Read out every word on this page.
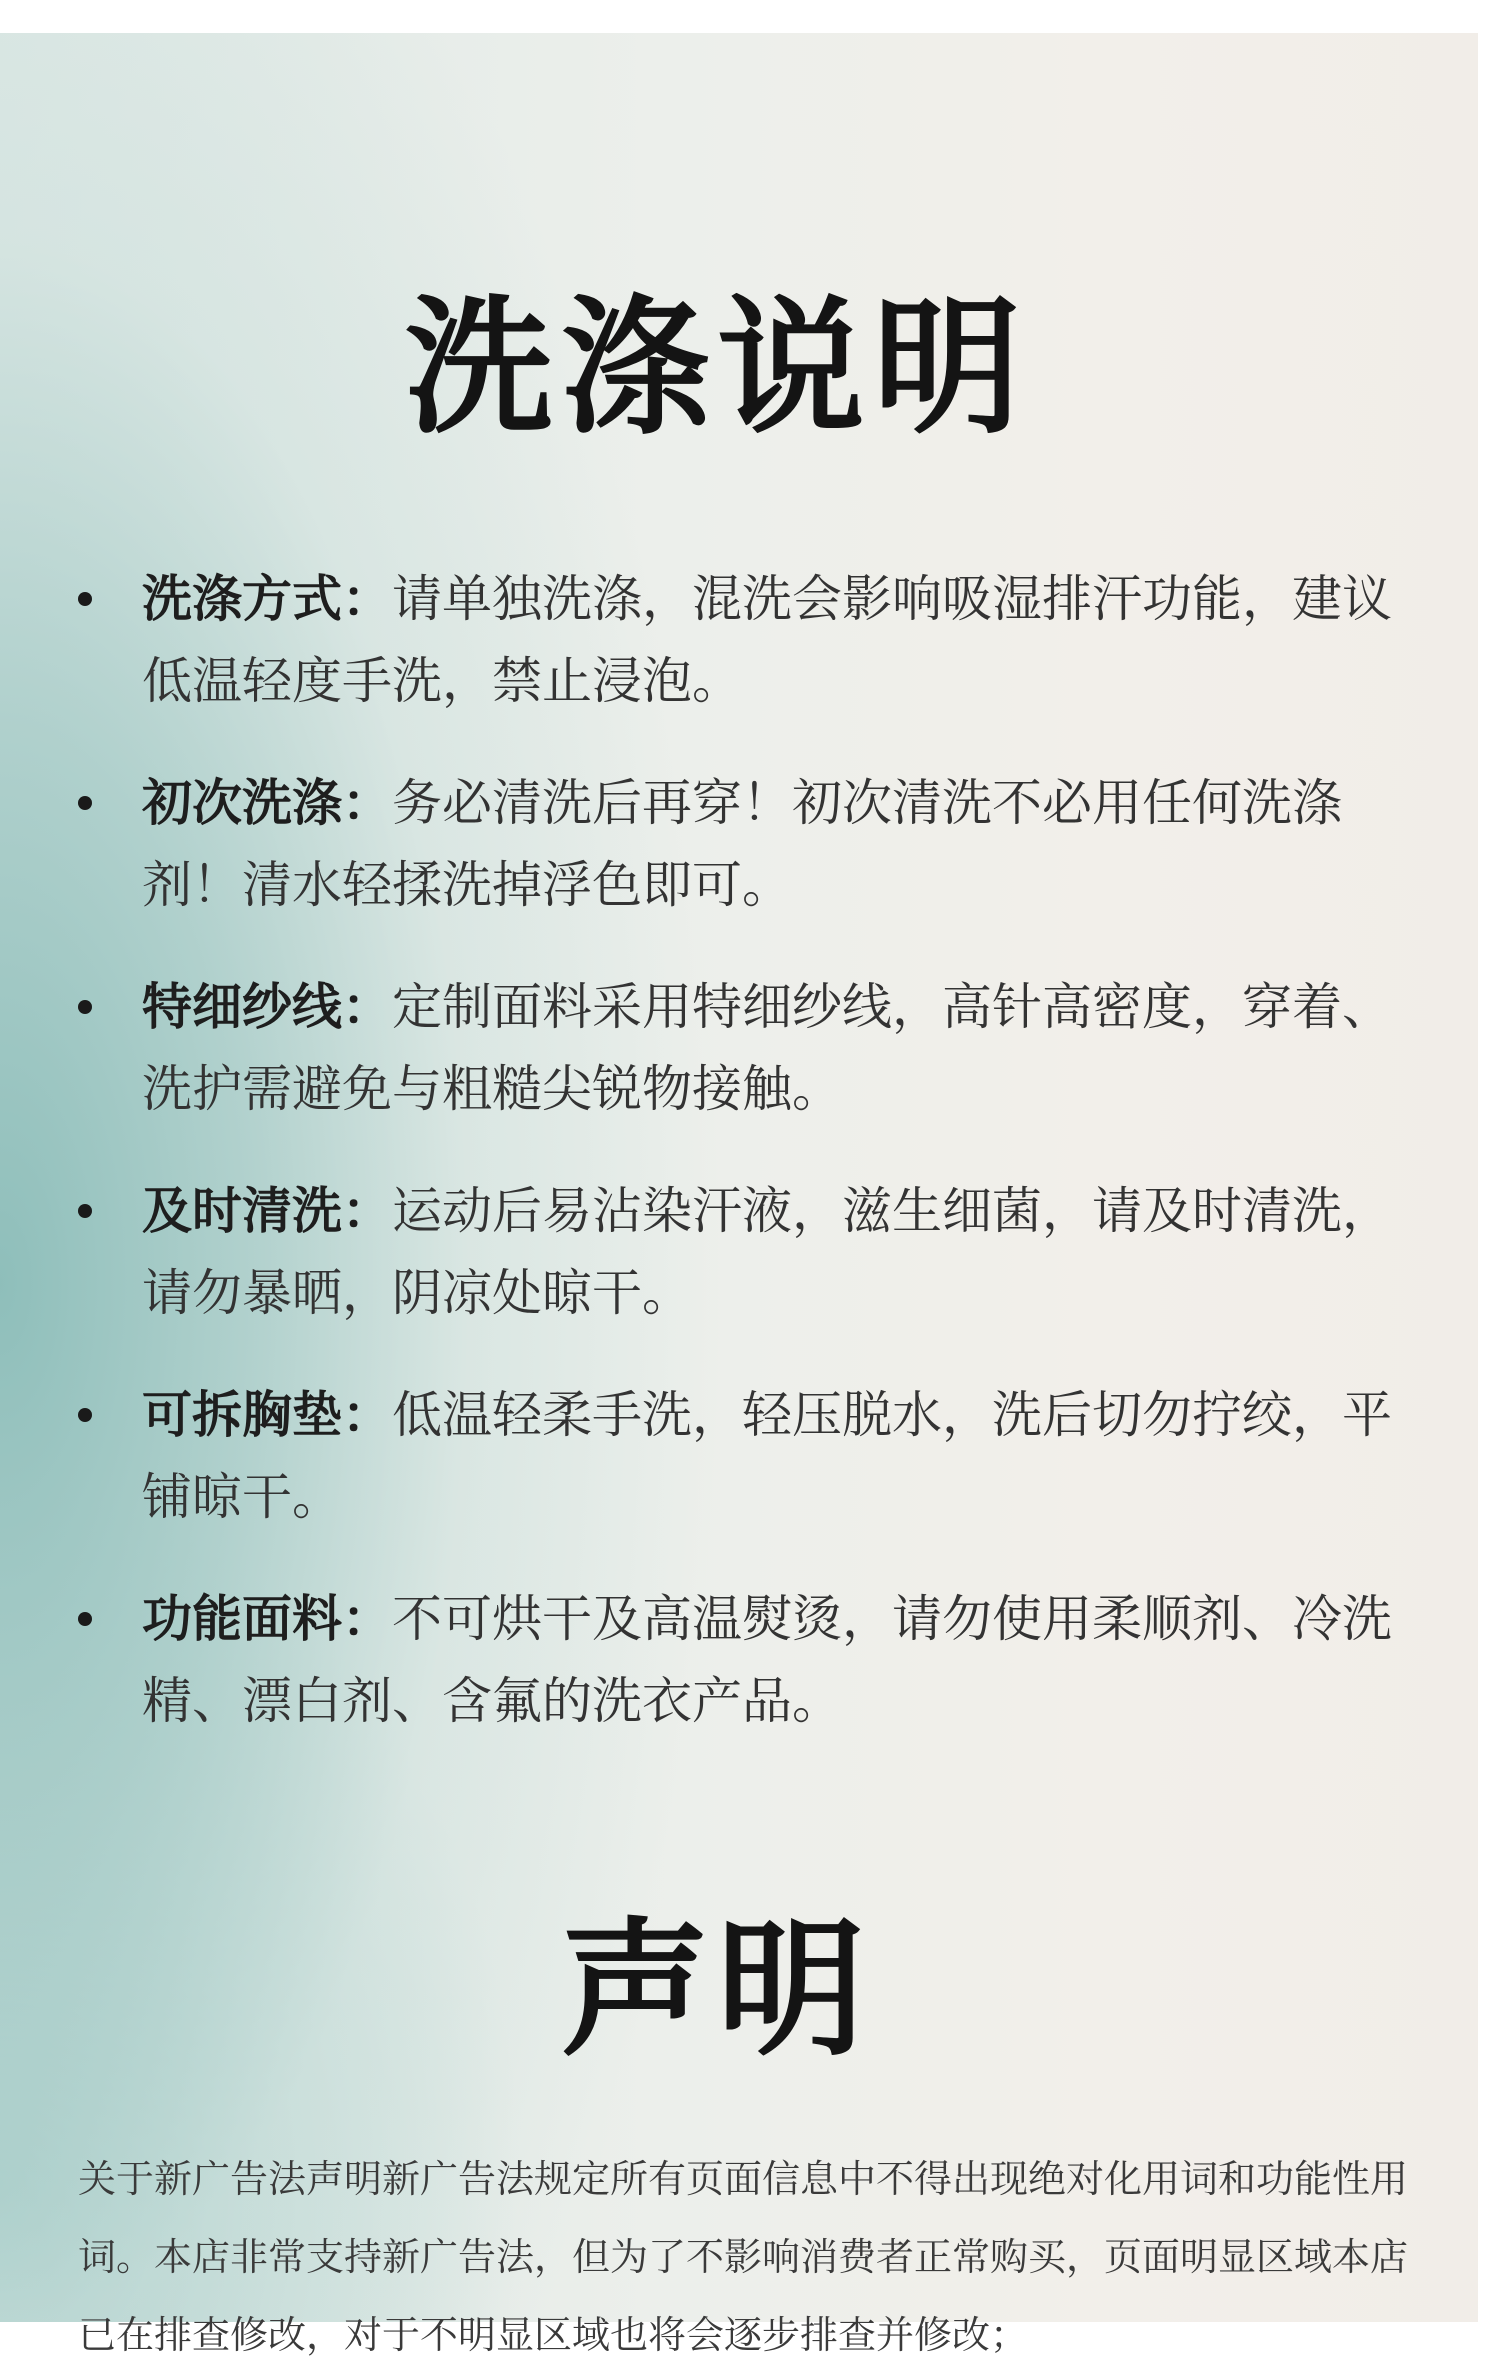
洗涤说明
洗涤方式：请单独洗涤，混洗会影响吸湿排汗功能，建议低温轻度手洗，禁止浸泡。
初次洗涤：务必清洗后再穿！初次清洗不必用任何洗涤剂！清水轻揉洗掉浮色即可。
特细纱线：定制面料采用特细纱线，高针高密度，穿着、洗护需避免与粗糙尖锐物接触。
及时清洗：运动后易沾染汗液，滋生细菌，请及时清洗，请勿暴晒，阴凉处晾干。
可拆胸垫：低温轻柔手洗，轻压脱水，洗后切勿拧绞，平铺晾干。
功能面料：不可烘干及高温熨烫，请勿使用柔顺剂、冷洗精、漂白剂、含氟的洗衣产品。
声明

关于新广告法声明新广告法规定所有页面信息中不得出现绝对化用词和功能性用词。本店非常支持新广告法，但为了不影响消费者正常购买，页面明显区域本店已在排查修改，对于不明显区域也将会逐步排查并修改；
